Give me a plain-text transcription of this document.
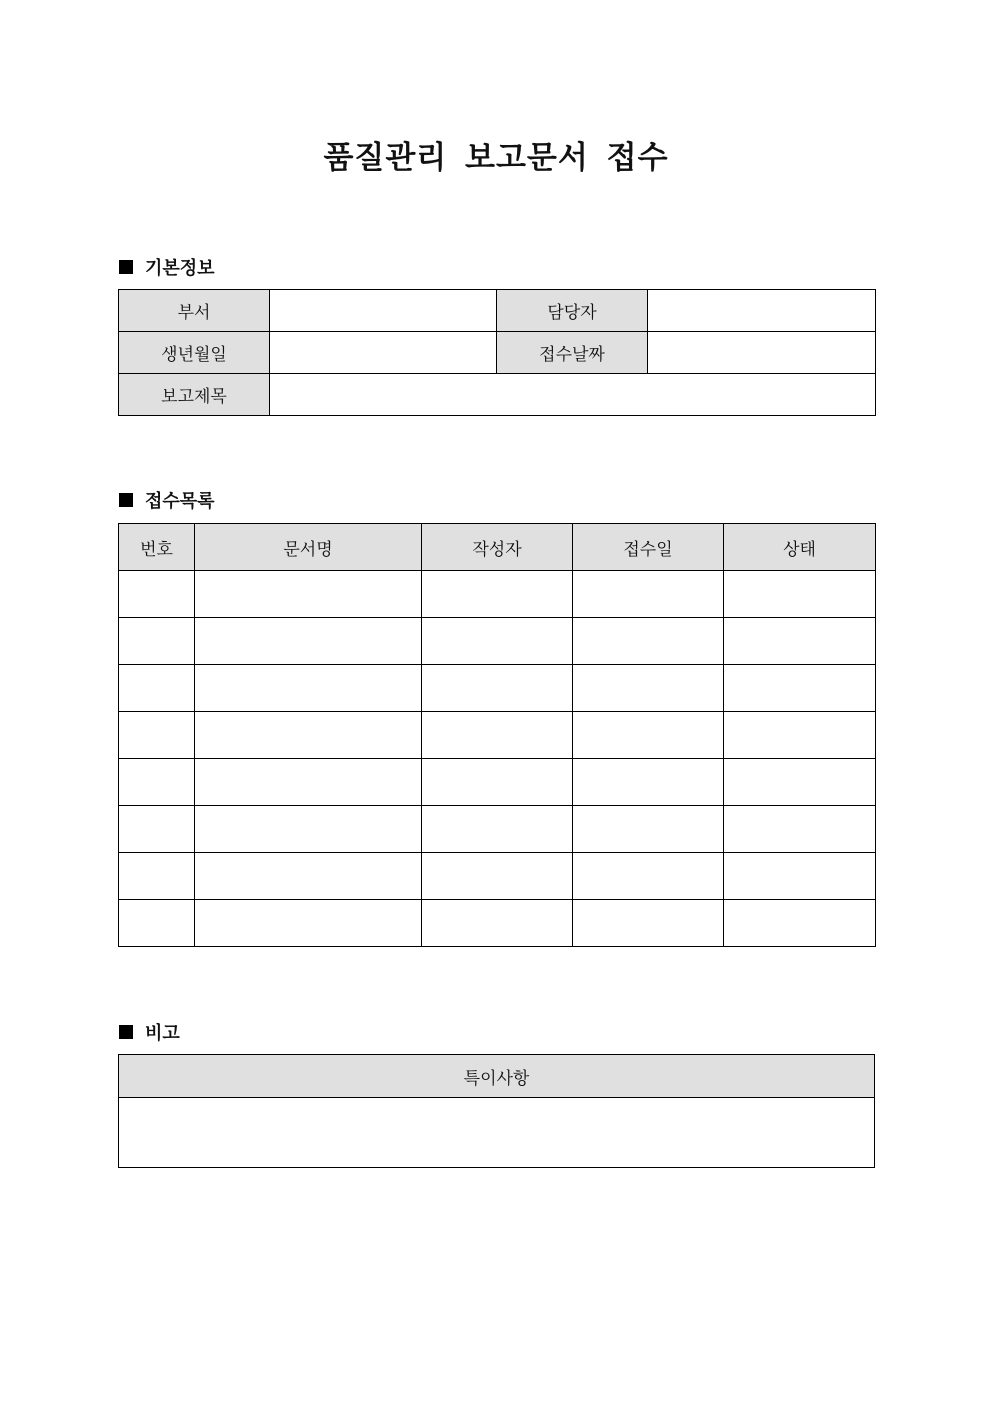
품질관리 보고문서 접수
기본정보
부서		담당자	
생년월일		접수날짜	
보고제목			
접수목록
번호	문서명	작성자	접수일	상태

비고
특이사항
